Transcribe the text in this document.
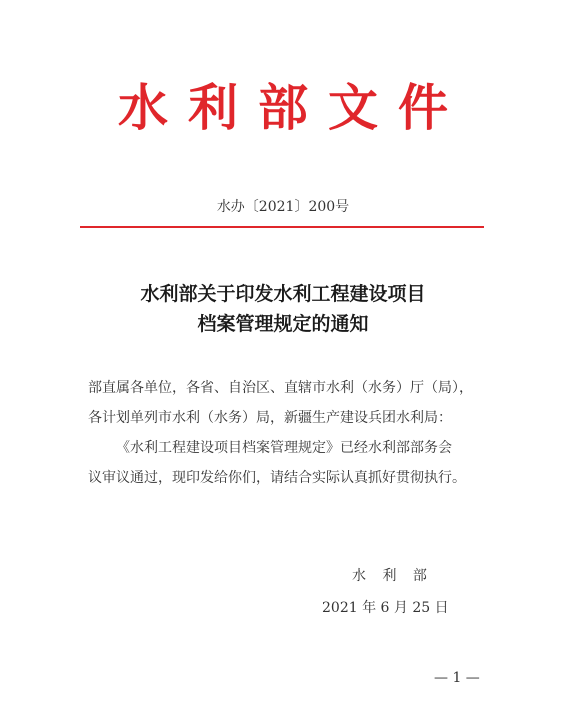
水利部文件
水办〔2021〕200号
水利部关于印发水利工程建设项目
档案管理规定的通知

部直属各单位，各省、自治区、直辖市水利（水务）厅（局），

各计划单列市水利（水务）局，新疆生产建设兵团水利局：

《水利工程建设项目档案管理规定》已经水利部部务会

议审议通过，现印发给你们，请结合实际认真抓好贯彻执行。

水 利 部
2021 年 6 月 25 日
— 1 —
